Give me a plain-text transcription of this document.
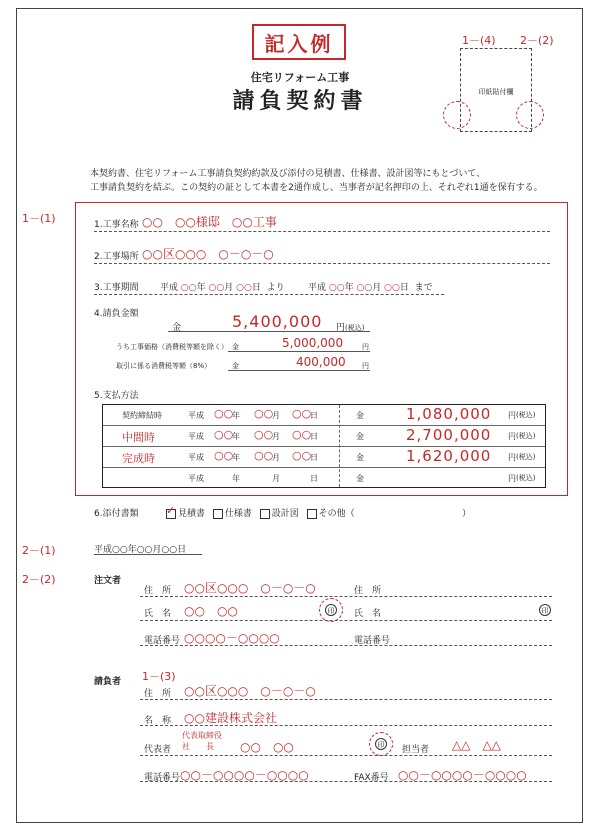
記入例
住宅リフォーム工事
請負契約書
1－(4) 2－(2)
印紙貼付欄
本契約書、住宅リフォーム工事請負契約約款及び添付の見積書、仕様書、設計図等にもとづいて、
工事請負契約を結ぶ。この契約の証として本書を2通作成し、当事者が記名押印の上、それぞれ1通を保有する。
1－(1)	1.工事名称 ○○　○○様邸　○○工事
2.工事場所 ○○区○○○　○－○－○
3.工事期間 平成 ○○年 ○○月 ○○日 より	平成 ○○年 ○○月 ○○日 まで
4.請負金額
金	5,400,000 円(税込)
うち工事価格（消費税等額を除く） 金	5,000,000	円
取引に係る消費税等額（8%）	金	400,000 円
5.支払方法
契約締結時	平成 ○○
年 ○○
月 ○○
日	金	1,080,000 円 (税込)
中間時	平成 ○○
年 ○○
月 ○○
日	金	2,700,000 円 (税込)
完成時	平成 ○○
年 ○○
月 ○○
日	金	1,620,000 円 (税込)
平成	年	月	日	金	円 (税込)
6.添付書類
✓	見積書 仕様書 設計図 その他（	）
2－(1)	平成○○年○○月○○日
2－(2)	注文者
住　所 ○○区○○○　○－○－○	住　所
氏　名 ○○　○○	印 氏　名	印
電話番号 ○○○○－○○○○	電話番号
請負者 1－(3)
住　所 ○○区○○○　○－○－○
名　称 ○○建設株式会社
代表者
代表取締役
社　　長 ○○　○○	印 担当者 △△　△△
電話番号 ○○－○○○○－○○○○	FAX番号 ○○－○○○○－○○○○
